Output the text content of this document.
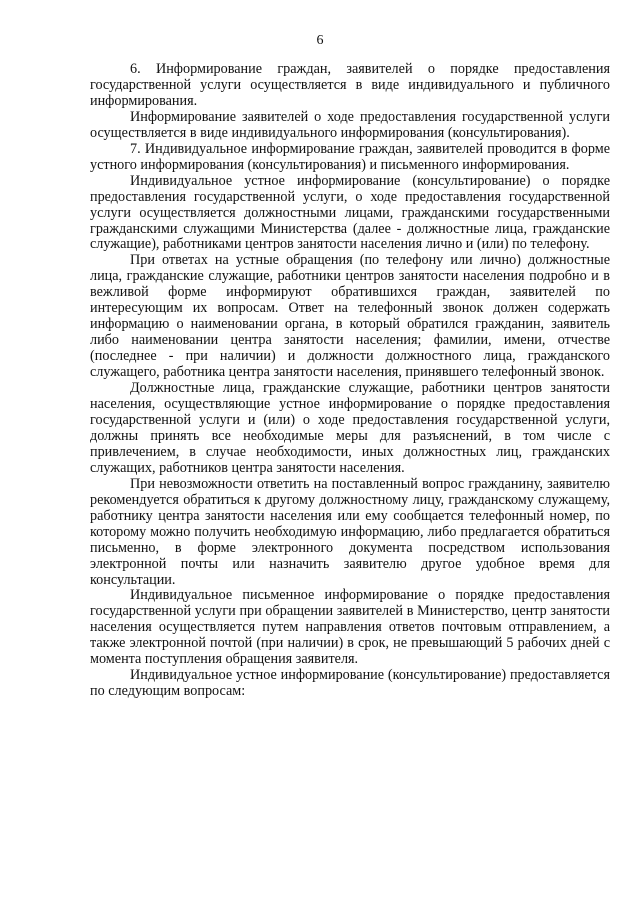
6

6. Информирование граждан, заявителей о порядке предоставления государственной услуги осуществляется в виде индивидуального и публичного информирования.

Информирование заявителей о ходе предоставления государственной услуги осуществляется в виде индивидуального информирования (консультирования).

7. Индивидуальное информирование граждан, заявителей проводится в форме устного информирования (консультирования) и письменного информирования.

Индивидуальное устное информирование (консультирование) о порядке предоставления государственной услуги, о ходе предоставления государственной услуги осуществляется должностными лицами, гражданскими государственными гражданскими служащими Министерства (далее - должностные лица, гражданские служащие), работниками центров занятости населения лично и (или) по телефону.

При ответах на устные обращения (по телефону или лично) должностные лица, гражданские служащие, работники центров занятости населения подробно и в вежливой форме информируют обратившихся граждан, заявителей по интересующим их вопросам. Ответ на телефонный звонок должен содержать информацию о наименовании органа, в который обратился гражданин, заявитель либо наименовании центра занятости населения; фамилии, имени, отчестве (последнее - при наличии) и должности должностного лица, гражданского служащего, работника центра занятости населения, принявшего телефонный звонок.

Должностные лица, гражданские служащие, работники центров занятости населения, осуществляющие устное информирование о порядке предоставления государственной услуги и (или) о ходе предоставления государственной услуги, должны принять все необходимые меры для разъяснений, в том числе с привлечением, в случае необходимости, иных должностных лиц, гражданских служащих, работников центра занятости населения.

При невозможности ответить на поставленный вопрос гражданину, заявителю рекомендуется обратиться к другому должностному лицу, гражданскому служащему, работнику центра занятости населения или ему сообщается телефонный номер, по которому можно получить необходимую информацию, либо предлагается обратиться письменно, в форме электронного документа посредством использования электронной почты или назначить заявителю другое удобное время для консультации.

Индивидуальное письменное информирование о порядке предоставления государственной услуги при обращении заявителей в Министерство, центр занятости населения осуществляется путем направления ответов почтовым отправлением, а также электронной почтой (при наличии) в срок, не превышающий 5 рабочих дней с момента поступления обращения заявителя.

Индивидуальное устное информирование (консультирование) предоставляется по следующим вопросам:
